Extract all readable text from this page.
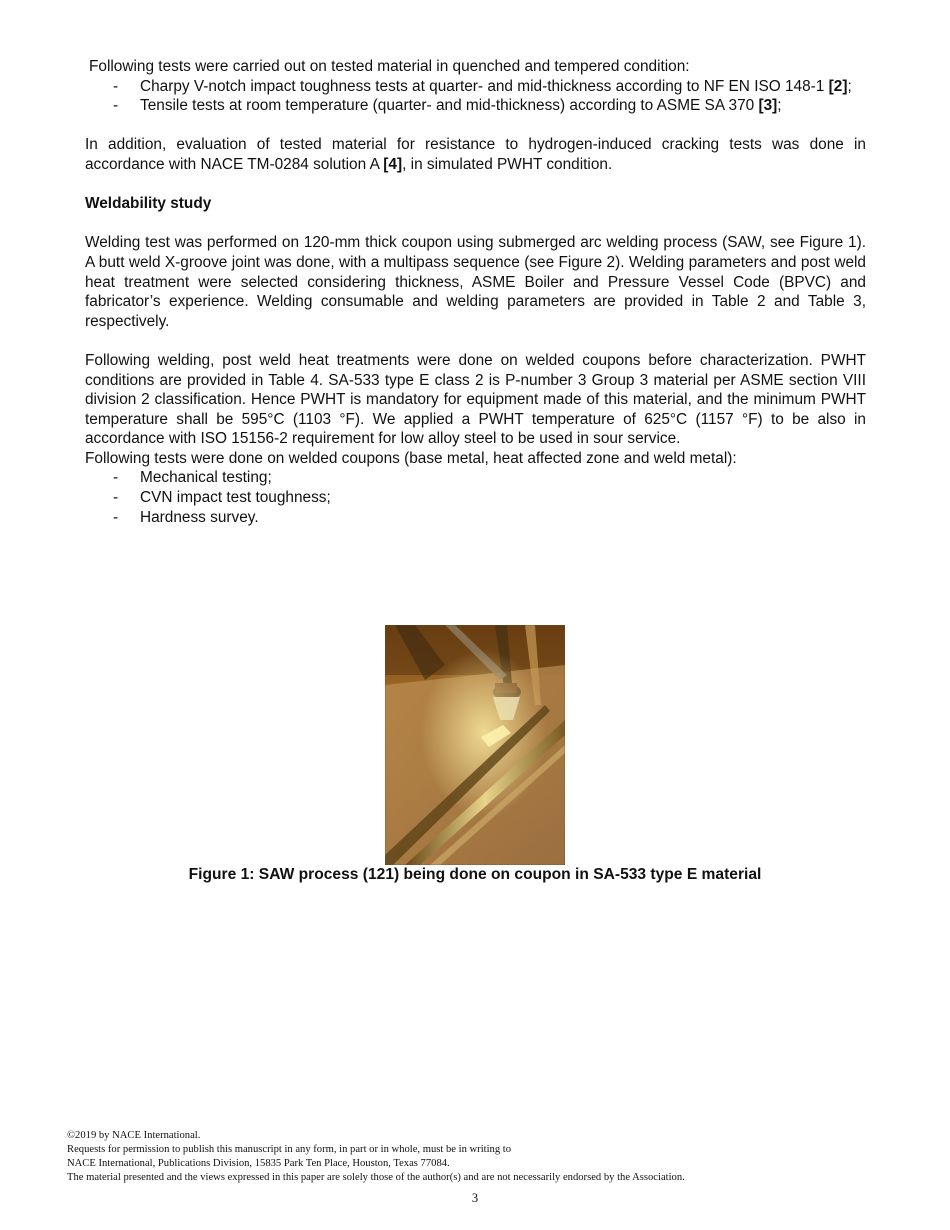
Following tests were carried out on tested material in quenched and tempered condition:

- Charpy V-notch impact toughness tests at quarter- and mid-thickness according to NF EN ISO 148-1 [2];
- Tensile tests at room temperature (quarter- and mid-thickness) according to ASME SA 370 [3];

In addition, evaluation of tested material for resistance to hydrogen-induced cracking tests was done in accordance with NACE TM-0284 solution A [4], in simulated PWHT condition.

Weldability study

Welding test was performed on 120-mm thick coupon using submerged arc welding process (SAW, see Figure 1). A butt weld X-groove joint was done, with a multipass sequence (see Figure 2). Welding parameters and post weld heat treatment were selected considering thickness, ASME Boiler and Pressure Vessel Code (BPVC) and fabricator’s experience. Welding consumable and welding parameters are provided in Table 2 and Table 3, respectively.

Following welding, post weld heat treatments were done on welded coupons before characterization. PWHT conditions are provided in Table 4. SA-533 type E class 2 is P-number 3 Group 3 material per ASME section VIII division 2 classification. Hence PWHT is mandatory for equipment made of this material, and the minimum PWHT temperature shall be 595°C (1103 °F). We applied a PWHT temperature of 625°C (1157 °F) to be also in accordance with ISO 15156-2 requirement for low alloy steel to be used in sour service.

Following tests were done on welded coupons (base metal, heat affected zone and weld metal):

- Mechanical testing;
- CVN impact test toughness;
- Hardness survey.
Figure 1: SAW process (121) being done on coupon in SA-533 type E material
©2019 by NACE International.
Requests for permission to publish this manuscript in any form, in part or in whole, must be in writing to
NACE International, Publications Division, 15835 Park Ten Place, Houston, Texas 77084.
The material presented and the views expressed in this paper are solely those of the author(s) and are not necessarily endorsed by the Association.
3
